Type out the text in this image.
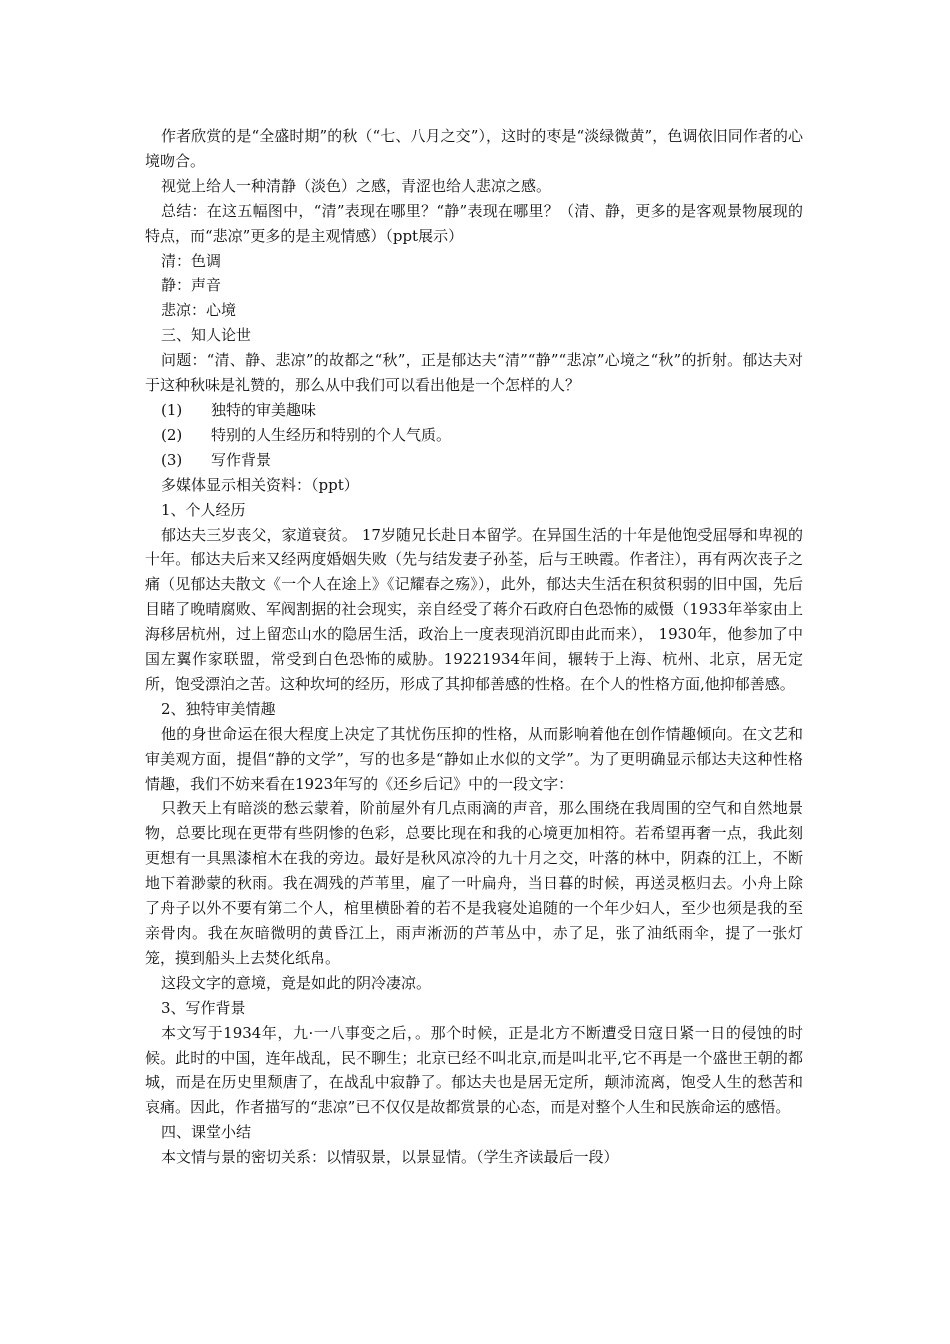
作者欣赏的是“全盛时期”的秋（“七、八月之交”），这时的枣是“淡绿微黄”，色调依旧同作者的心境吻合。

视觉上给人一种清静（淡色）之感，青涩也给人悲凉之感。

总结：在这五幅图中，“清”表现在哪里？“静”表现在哪里？（清、静，更多的是客观景物展现的特点，而“悲凉”更多的是主观情感）（ppt展示）

清：色调

静：声音

悲凉：心境

三、知人论世

问题：“清、静、悲凉”的故都之“秋”，正是郁达夫“清”“静”“悲凉”心境之“秋”的折射。郁达夫对于这种秋味是礼赞的，那么从中我们可以看出他是一个怎样的人？

(1) 独特的审美趣味
(2) 特别的人生经历和特别的个人气质。
(3) 写作背景

多媒体显示相关资料：（ppt）

1、个人经历

郁达夫三岁丧父，家道衰贫。 17岁随兄长赴日本留学。在异国生活的十年是他饱受屈辱和卑视的十年。郁达夫后来又经两度婚姻失败（先与结发妻子孙荃，后与王映霞。作者注），再有两次丧子之痛（见郁达夫散文《一个人在途上》《记耀春之殇》），此外，郁达夫生活在积贫积弱的旧中国，先后目睹了晚晴腐败、军阀割据的社会现实，亲自经受了蒋介石政府白色恐怖的威慑（1933年举家由上海移居杭州，过上留恋山水的隐居生活，政治上一度表现消沉即由此而来）， 1930年，他参加了中国左翼作家联盟，常受到白色恐怖的威胁。19221934年间，辗转于上海、杭州、北京，居无定所，饱受漂泊之苦。这种坎坷的经历，形成了其抑郁善感的性格。在个人的性格方面,他抑郁善感。

2、独特审美情趣

他的身世命运在很大程度上决定了其忧伤压抑的性格，从而影响着他在创作情趣倾向。在文艺和审美观方面，提倡“静的文学”，写的也多是“静如止水似的文学”。为了更明确显示郁达夫这种性格情趣，我们不妨来看在1923年写的《还乡后记》中的一段文字：

只教天上有暗淡的愁云蒙着，阶前屋外有几点雨滴的声音，那么围绕在我周围的空气和自然地景物，总要比现在更带有些阴惨的色彩，总要比现在和我的心境更加相符。若希望再奢一点，我此刻更想有一具黑漆棺木在我的旁边。最好是秋风凉冷的九十月之交，叶落的林中，阴森的江上，不断地下着渺蒙的秋雨。我在凋残的芦苇里，雇了一叶扁舟，当日暮的时候，再送灵柩归去。小舟上除了舟子以外不要有第二个人，棺里横卧着的若不是我寝处追随的一个年少妇人，至少也须是我的至亲骨肉。我在灰暗微明的黄昏江上，雨声淅沥的芦苇丛中，赤了足，张了油纸雨伞，提了一张灯笼，摸到船头上去焚化纸帛。

这段文字的意境，竟是如此的阴冷凄凉。

3、写作背景

本文写于1934年，九·一八事变之后，。那个时候，正是北方不断遭受日寇日紧一日的侵蚀的时候。此时的中国，连年战乱，民不聊生；北京已经不叫北京,而是叫北平,它不再是一个盛世王朝的都城，而是在历史里颓唐了，在战乱中寂静了。郁达夫也是居无定所，颠沛流离，饱受人生的愁苦和哀痛。因此，作者描写的“悲凉”已不仅仅是故都赏景的心态，而是对整个人生和民族命运的感悟。

四、课堂小结

本文情与景的密切关系：以情驭景，以景显情。（学生齐读最后一段）
